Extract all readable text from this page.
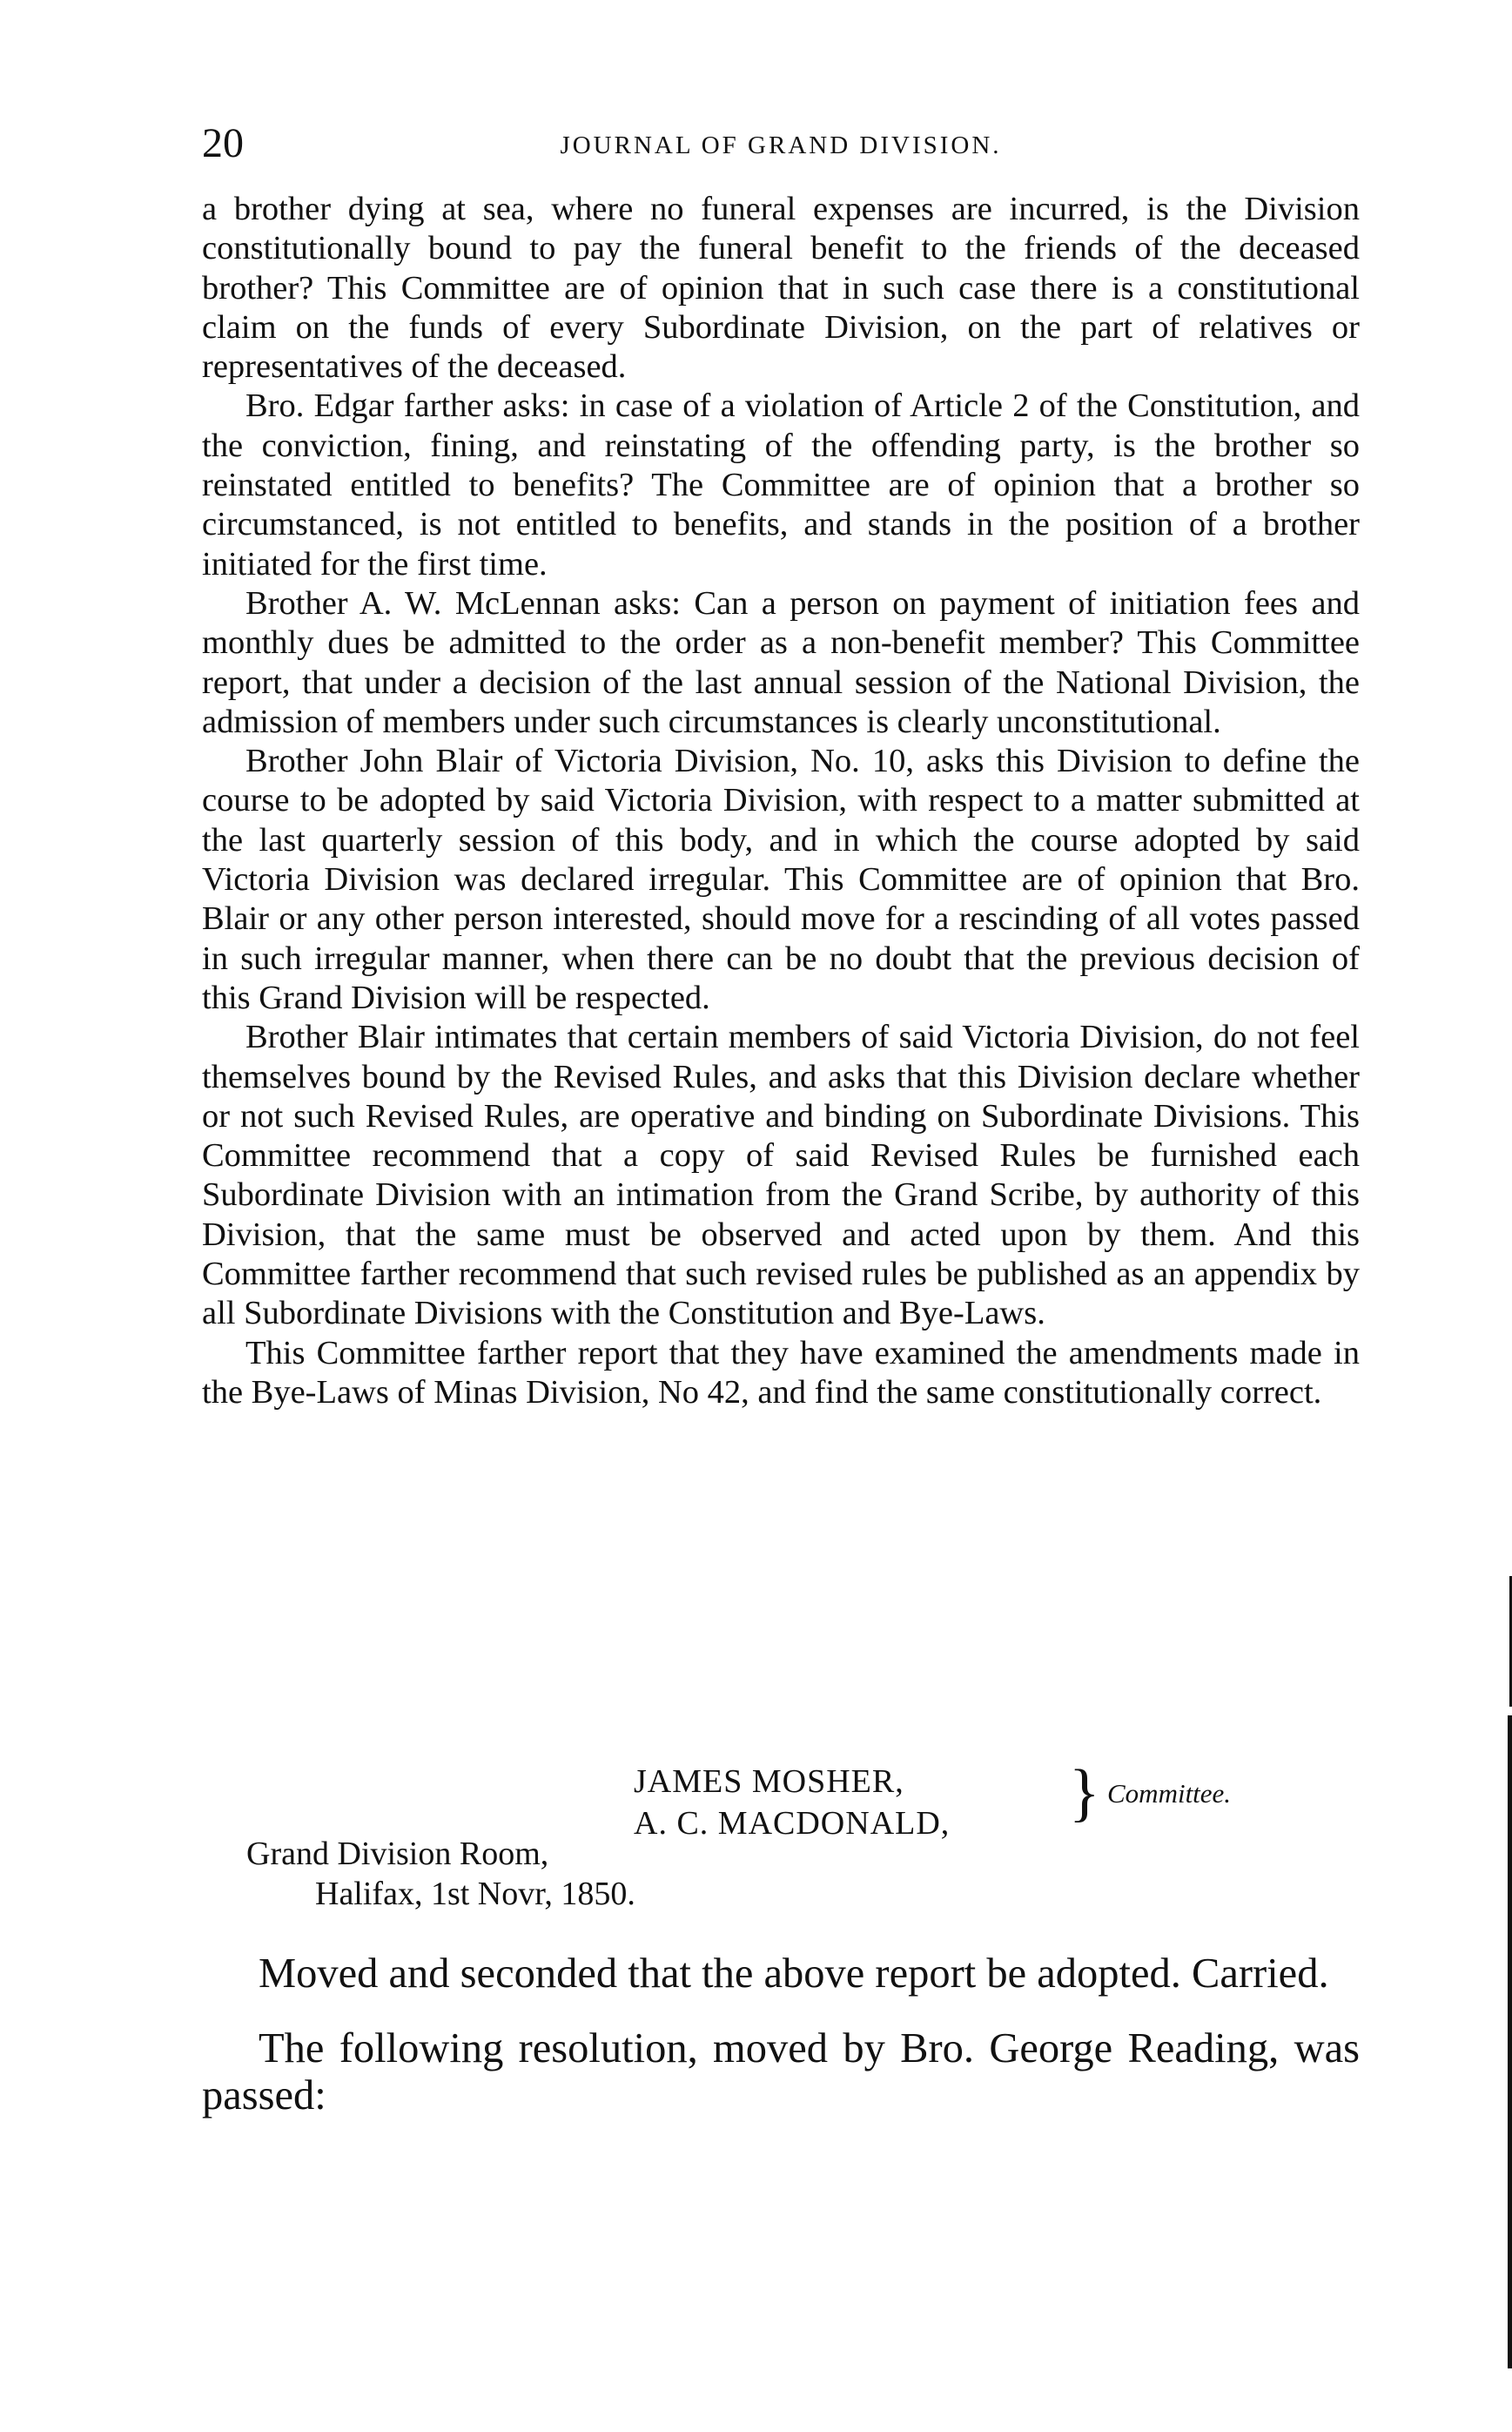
20	JOURNAL OF GRAND DIVISION.

a brother dying at sea, where no funeral expenses are incurred, is the Division constitutionally bound to pay the funeral benefit to the friends of the deceased brother? This Committee are of opinion that in such case there is a constitutional claim on the funds of every Subordinate Division, on the part of relatives or representatives of the deceased.

Bro. Edgar farther asks: in case of a violation of Article 2 of the Constitution, and the conviction, fining, and reinstating of the offending party, is the brother so reinstated entitled to benefits? The Committee are of opinion that a brother so circumstanced, is not entitled to benefits, and stands in the position of a brother initiated for the first time.

Brother A. W. McLennan asks: Can a person on payment of initiation fees and monthly dues be admitted to the order as a non-benefit member? This Committee report, that under a decision of the last annual session of the National Division, the admission of members under such circumstances is clearly unconstitutional.

Brother John Blair of Victoria Division, No. 10, asks this Division to define the course to be adopted by said Victoria Division, with respect to a matter submitted at the last quarterly session of this body, and in which the course adopted by said Victoria Division was declared irregular. This Committee are of opinion that Bro. Blair or any other person interested, should move for a rescinding of all votes passed in such irregular manner, when there can be no doubt that the previous decision of this Grand Division will be respected.

Brother Blair intimates that certain members of said Victoria Division, do not feel themselves bound by the Revised Rules, and asks that this Division declare whether or not such Revised Rules, are operative and binding on Subordinate Divisions. This Committee recommend that a copy of said Revised Rules be furnished each Subordinate Division with an intimation from the Grand Scribe, by authority of this Division, that the same must be observed and acted upon by them. And this Committee farther recommend that such revised rules be published as an appendix by all Subordinate Divisions with the Constitution and Bye-Laws.

This Committee farther report that they have examined the amendments made in the Bye-Laws of Minas Division, No 42, and find the same constitutionally correct.

JAMES MOSHER,
A. C. MACDONALD, } Committee.
Grand Division Room,
Halifax, 1st Novr, 1850.

Moved and seconded that the above report be adopted. Carried.

The following resolution, moved by Bro. George Reading, was passed:
